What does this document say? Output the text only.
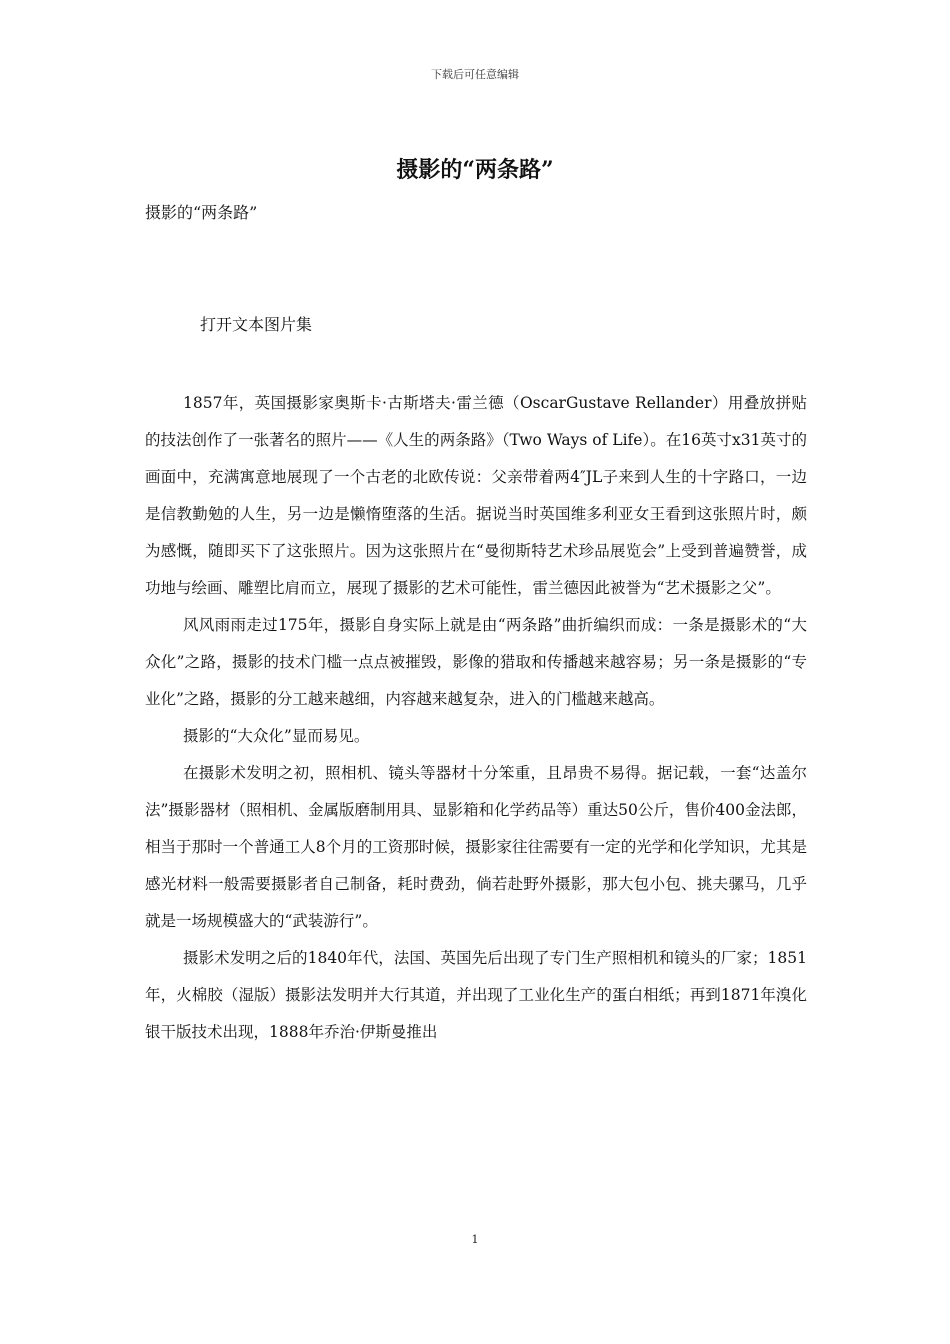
下载后可任意编辑
摄影的“两条路”
摄影的“两条路”
打开文本图片集

1857年，英国摄影家奥斯卡·古斯塔夫·雷兰德（OscarGustave Rellander）用叠放拼贴的技法创作了一张著名的照片——《人生的两条路》（Two Ways of Life）。在16英寸x31英寸的画面中，充满寓意地展现了一个古老的北欧传说：父亲带着两4″JL子来到人生的十字路口，一边是信教勤勉的人生，另一边是懒惰堕落的生活。据说当时英国维多利亚女王看到这张照片时，颇为感慨，随即买下了这张照片。因为这张照片在“曼彻斯特艺术珍品展览会”上受到普遍赞誉，成功地与绘画、雕塑比肩而立，展现了摄影的艺术可能性，雷兰德因此被誉为“艺术摄影之父”。

风风雨雨走过175年，摄影自身实际上就是由“两条路”曲折编织而成：一条是摄影术的“大众化”之路，摄影的技术门槛一点点被摧毁，影像的猎取和传播越来越容易；另一条是摄影的“专业化”之路，摄影的分工越来越细，内容越来越复杂，进入的门槛越来越高。

摄影的“大众化”显而易见。

在摄影术发明之初，照相机、镜头等器材十分笨重，且昂贵不易得。据记载，一套“达盖尔法”摄影器材（照相机、金属版磨制用具、显影箱和化学药品等）重达50公斤，售价400金法郎，相当于那时一个普通工人8个月的工资那时候，摄影家往往需要有一定的光学和化学知识，尤其是感光材料一般需要摄影者自己制备，耗时费劲，倘若赴野外摄影，那大包小包、挑夫骡马，几乎就是一场规模盛大的“武装游行”。

摄影术发明之后的1840年代，法国、英国先后出现了专门生产照相机和镜头的厂家；1851年，火棉胶（湿版）摄影法发明并大行其道，并出现了工业化生产的蛋白相纸；再到1871年溴化银干版技术出现，1888年乔治·伊斯曼推出

1
